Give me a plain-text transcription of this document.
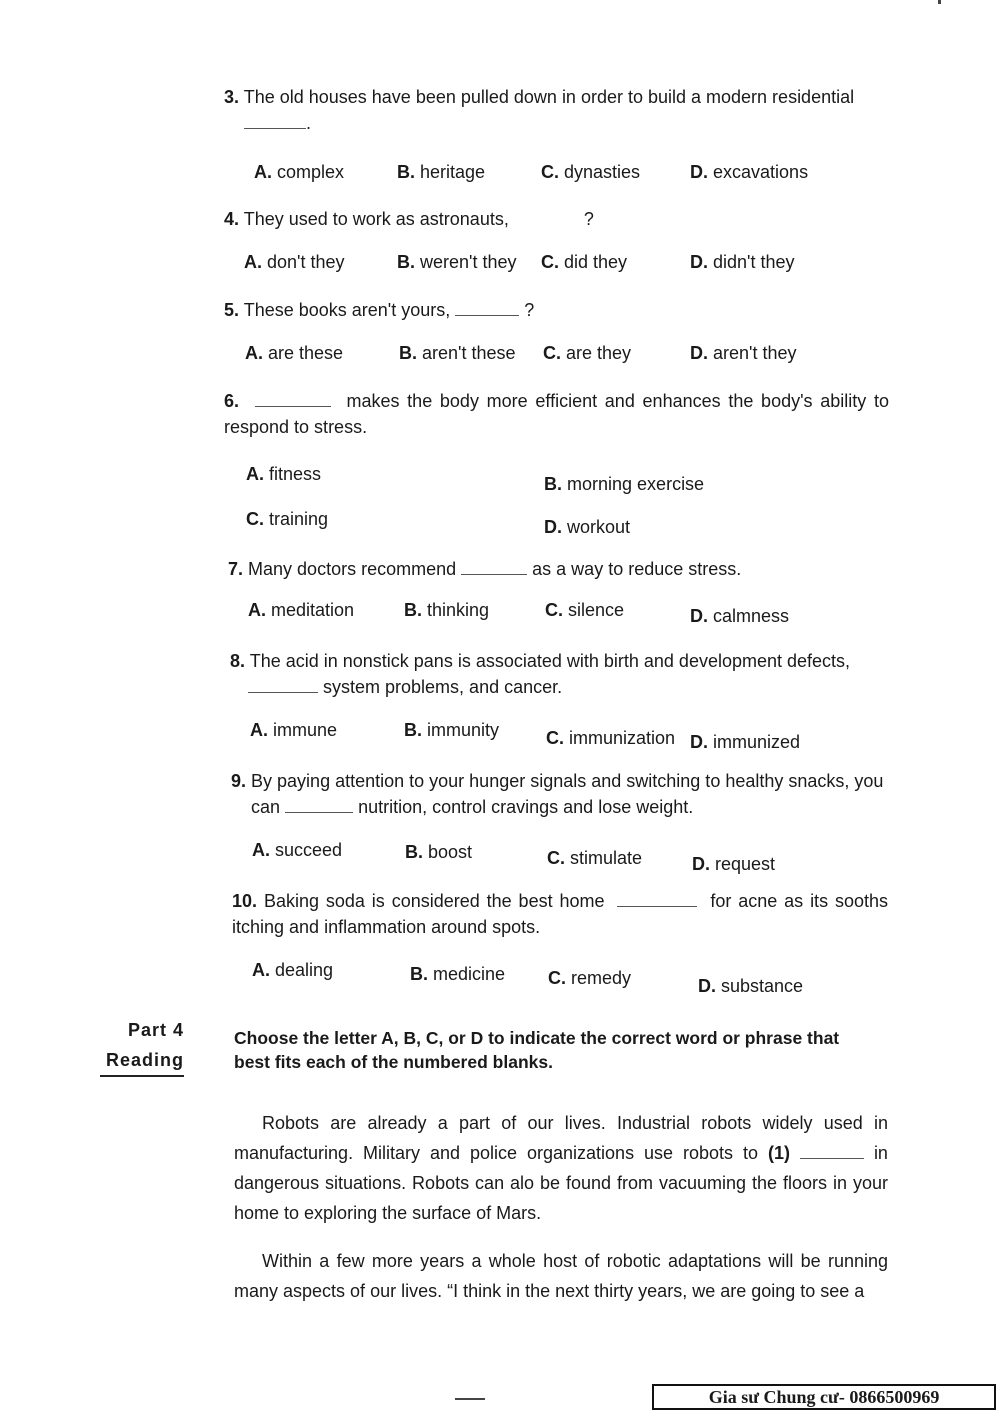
3. The old houses have been pulled down in order to build a modern residential
.
A. complex	B. heritage	C. dynasties	D. excavations
4. They used to work as astronauts,	?
A. don't they	B. weren't they C. did they	D. didn't they
5. These books aren't yours,	?
A. are these	B. aren't these C. are they	D. aren't they
6.	makes the body more efficient and enhances the body's ability to respond to stress.
A. fitness	B. morning exercise
C. training	D. workout
7. Many doctors recommend	as a way to reduce stress.
A. meditation	B. thinking	C. silence	D. calmness
8. The acid in nonstick pans is associated with birth and development defects,
system problems, and cancer.
A. immune	B. immunity	C. immunization D. immunized
9. By paying attention to your hunger signals and switching to healthy snacks, you
can	nutrition, control cravings and lose weight.
A. succeed	B. boost	C. stimulate	D. request
10. Baking soda is considered the best home	for acne as its sooths itching and inflammation around spots.
A. dealing	B. medicine C. remedy	D. substance
Part 4
Reading
Choose the letter A, B, C, or D to indicate the correct word or phrase that best fits each of the numbered blanks.
Robots are already a part of our lives. Industrial robots widely used in manufacturing. Military and police organizations use robots to (1)	in dangerous situations. Robots can alo be found from vacuuming the floors in your home to exploring the surface of Mars.
Within a few more years a whole host of robotic adaptations will be running many aspects of our lives. “I think in the next thirty years, we are going to see a
Gia sư Chung cư- 0866500969
